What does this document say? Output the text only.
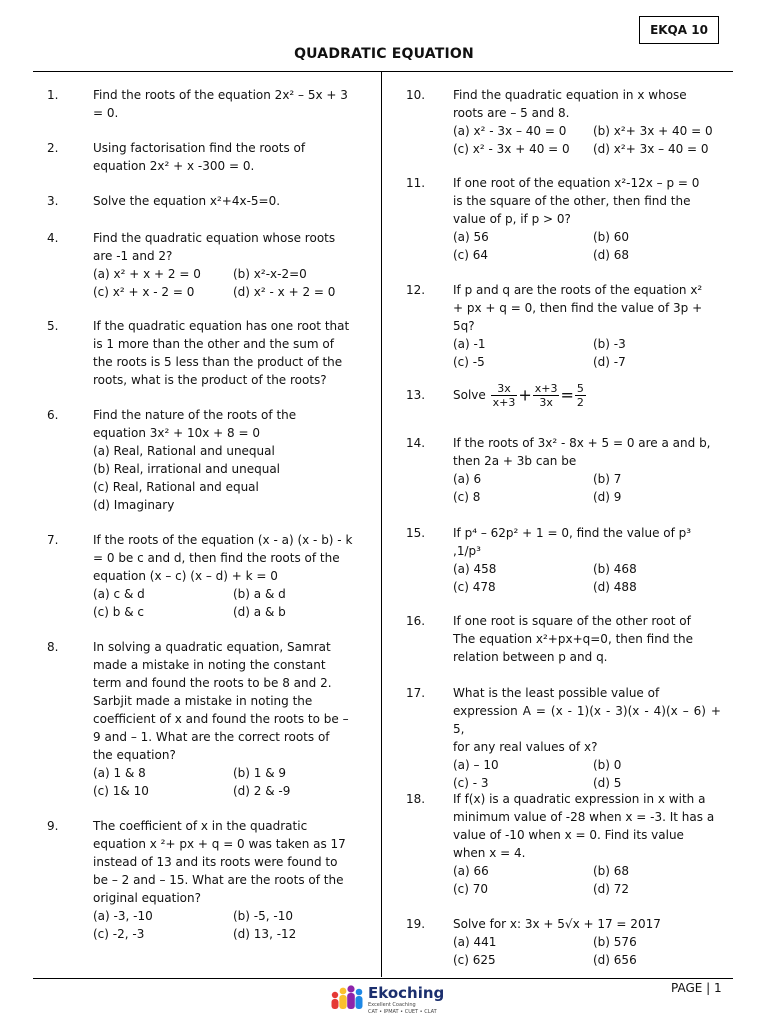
EKQA 10
QUADRATIC EQUATION
1.	Find the roots of the equation 2x² – 5x + 3
= 0.

2.	Using factorisation find the roots of
equation 2x² + x -300 = 0.

3.	Solve the equation x²+4x-5=0.

4.	Find the quadratic equation whose roots
are -1 and 2?

(a) x² + x + 2 = 0	(b) x²-x-2=0
(c) x² + x - 2 = 0	(d) x² - x + 2 = 0
5.	If the quadratic equation has one root that
is 1 more than the other and the sum of
the roots is 5 less than the product of the
roots, what is the product of the roots?

6.	Find the nature of the roots of the
equation 3x² + 10x + 8 = 0
(a) Real, Rational and unequal
(b) Real, irrational and unequal
(c) Real, Rational and equal
(d) Imaginary

7.	If the roots of the equation (x - a) (x - b) - k
= 0 be c and d, then find the roots of the
equation (x – c) (x – d) + k = 0

(a) c & d	(b) a & d
(c) b & c	(d) a & b
8.	In solving a quadratic equation, Samrat
made a mistake in noting the constant
term and found the roots to be 8 and 2.
Sarbjit made a mistake in noting the
coefficient of x and found the roots to be –
9 and – 1. What are the correct roots of
the equation?

(a) 1 & 8	(b) 1 & 9
(c) 1& 10	(d) 2 & -9
9.	The coefficient of x in the quadratic
equation x ²+ px + q = 0 was taken as 17
instead of 13 and its roots were found to
be – 2 and – 15. What are the roots of the
original equation?

(a) -3, -10	(b) -5, -10
(c) -2, -3	(d) 13, -12
10. Find the quadratic equation in x whose
roots are – 5 and 8.

(a) x² - 3x – 40 = 0	(b) x²+ 3x + 40 = 0
(c) x² - 3x + 40 = 0	(d) x²+ 3x – 40 = 0
11. If one root of the equation x²-12x – p = 0
is the square of the other, then find the
value of p, if p > 0?

(a) 56	(b) 60
(c) 64	(d) 68
12. If p and q are the roots of the equation x²
+ px + q = 0, then find the value of 3p +
5q?

(a) -1	(b) -3
(c) -5	(d) -7
13. Solve $\frac{3x}{x+3} + \frac{x+3}{3x} = \frac{5}{2}$

14. If the roots of 3x² - 8x + 5 = 0 are a and b,
then 2a + 3b can be

(a) 6	(b) 7
(c) 8	(d) 9
15. If p⁴ – 62p² + 1 = 0, find the value of p³
,1/p³

(a) 458	(b) 468
(c) 478	(d) 488
16. If one root is square of the other root of
The equation x²+px+q=0, then find the
relation between p and q.

17. What is the least possible value of
expression A = (x - 1)(x - 3)(x - 4)(x – 6) + 5,
for any real values of x?

(a) – 10	(b) 0
(c) - 3	(d) 5
18. If f(x) is a quadratic expression in x with a
minimum value of -28 when x = -3. It has a
value of -10 when x = 0. Find its value
when x = 4.

(a) 66	(b) 68
(c) 70	(d) 72
19. Solve for x: 3x + 5√x + 17 = 2017

(a) 441	(b) 576
(c) 625	(d) 656
Ekoching
Excellent Coaching
CAT • IPMAT • CUET • CLAT
PAGE | 1
